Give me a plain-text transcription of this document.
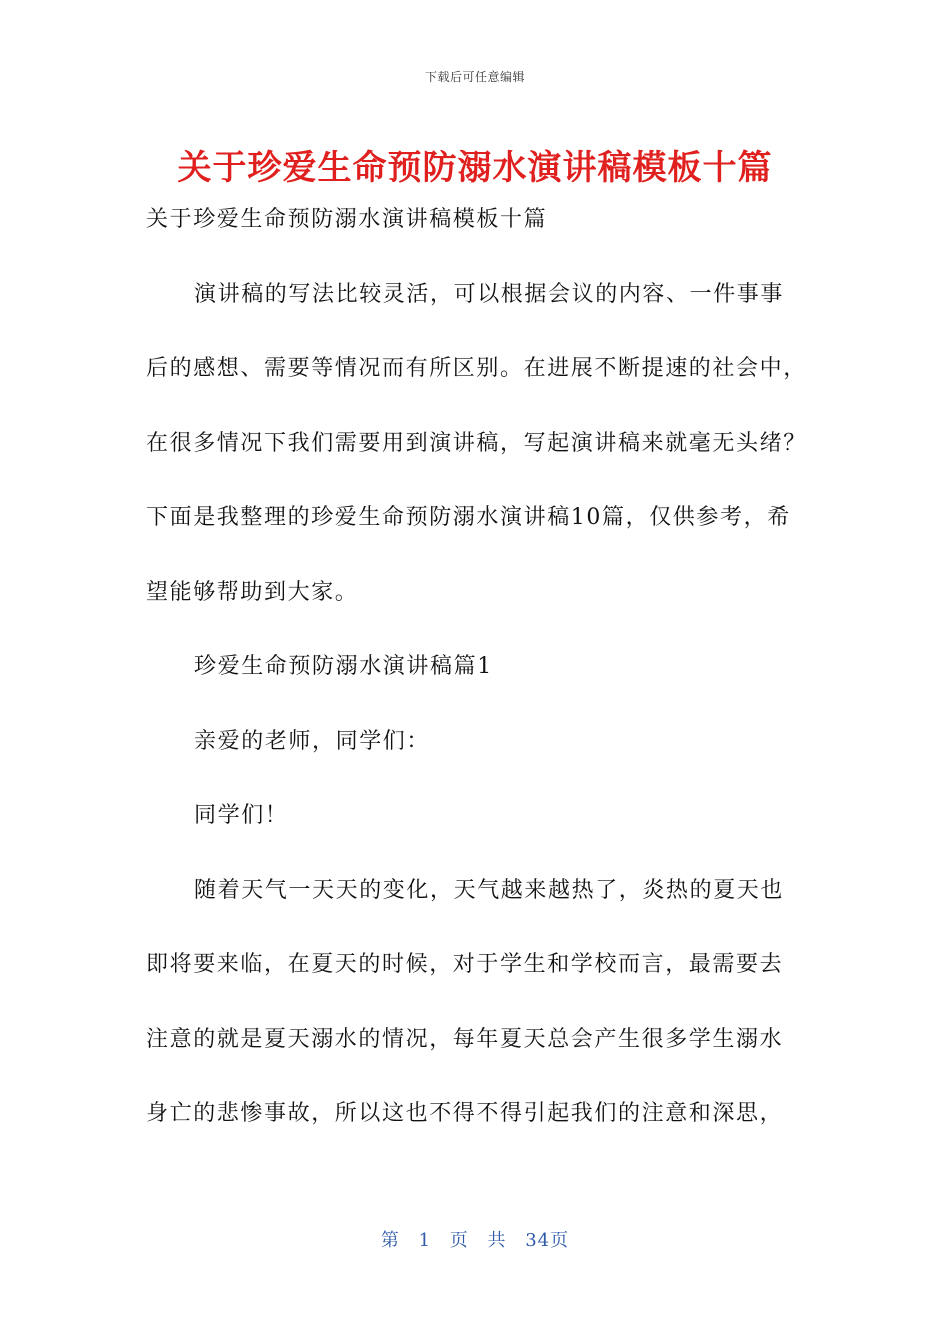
下载后可任意编辑
关于珍爱生命预防溺水演讲稿模板十篇
关于珍爱生命预防溺水演讲稿模板十篇
演讲稿的写法比较灵活，可以根据会议的内容、一件事事
后的感想、需要等情况而有所区别。在进展不断提速的社会中，
在很多情况下我们需要用到演讲稿，写起演讲稿来就毫无头绪？
下面是我整理的珍爱生命预防溺水演讲稿10篇，仅供参考，希
望能够帮助到大家。
珍爱生命预防溺水演讲稿篇1
亲爱的老师，同学们：
同学们！
随着天气一天天的变化，天气越来越热了，炎热的夏天也
即将要来临，在夏天的时候，对于学生和学校而言，最需要去
注意的就是夏天溺水的情况，每年夏天总会产生很多学生溺水
身亡的悲惨事故，所以这也不得不得引起我们的注意和深思，
第 1 页 共 34页
